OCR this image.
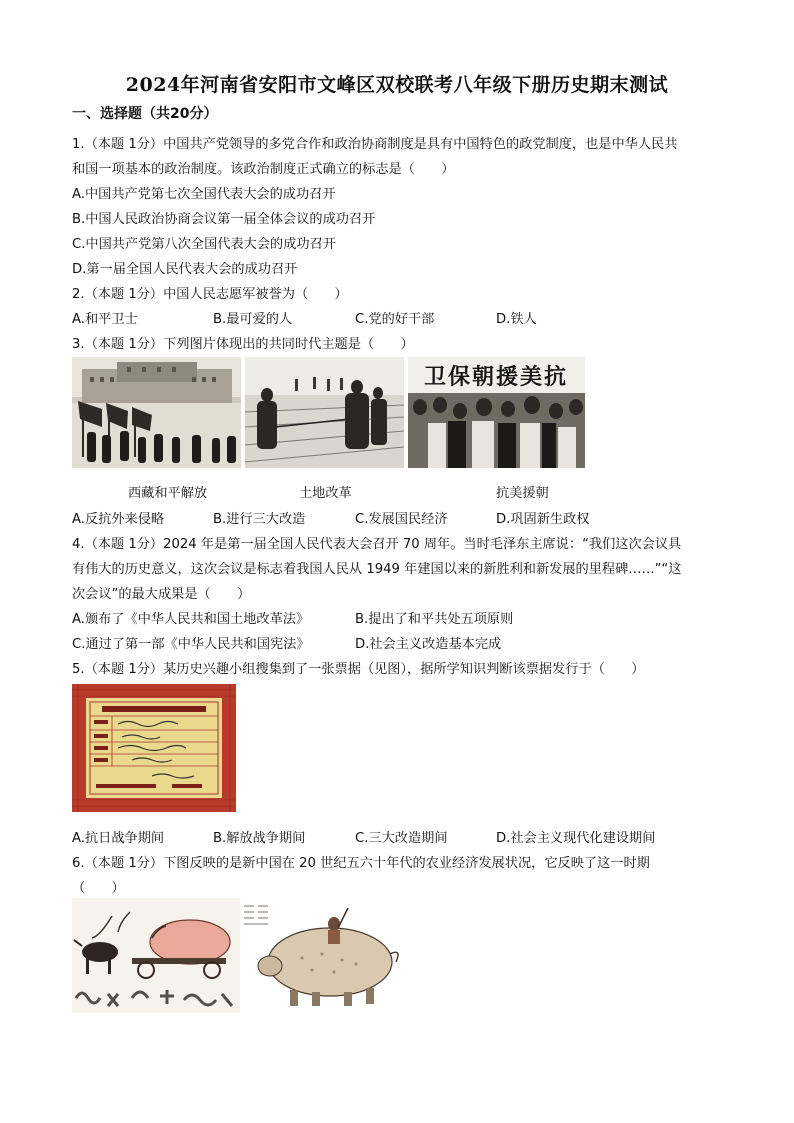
2024年河南省安阳市文峰区双校联考八年级下册历史期末测试
一、选择题（共20分）
1.（本题 1分）中国共产党领导的多党合作和政治协商制度是具有中国特色的政党制度，也是中华人民共
和国一项基本的政治制度。该政治制度正式确立的标志是（　　）
A.中国共产党第七次全国代表大会的成功召开
B.中国人民政治协商会议第一届全体会议的成功召开
C.中国共产党第八次全国代表大会的成功召开
D.第一届全国人民代表大会的成功召开
2.（本题 1分）中国人民志愿军被誉为（　　）
A.和平卫士	B.最可爱的人	C.党的好干部	D.铁人
3.（本题 1分）下列图片体现出的共同时代主题是（　　）
卫保朝援美抗
西藏和平解放	土地改革	抗美援朝
A.反抗外来侵略	B.进行三大改造	C.发展国民经济	D.巩固新生政权
4.（本题 1分）2024 年是第一届全国人民代表大会召开 70 周年。当时毛泽东主席说：“我们这次会议具
有伟大的历史意义，这次会议是标志着我国人民从 1949 年建国以来的新胜利和新发展的里程碑……”“这
次会议”的最大成果是（　　）
A.颁布了《中华人民共和国土地改革法》	B.提出了和平共处五项原则
C.通过了第一部《中华人民共和国宪法》	D.社会主义改造基本完成
5.（本题 1分）某历史兴趣小组搜集到了一张票据（见图），据所学知识判断该票据发行于（　　）
A.抗日战争期间	B.解放战争期间	C.三大改造期间	D.社会主义现代化建设期间
6.（本题 1分）下图反映的是新中国在 20 世纪五六十年代的农业经济发展状况，它反映了这一时期
（　　）
